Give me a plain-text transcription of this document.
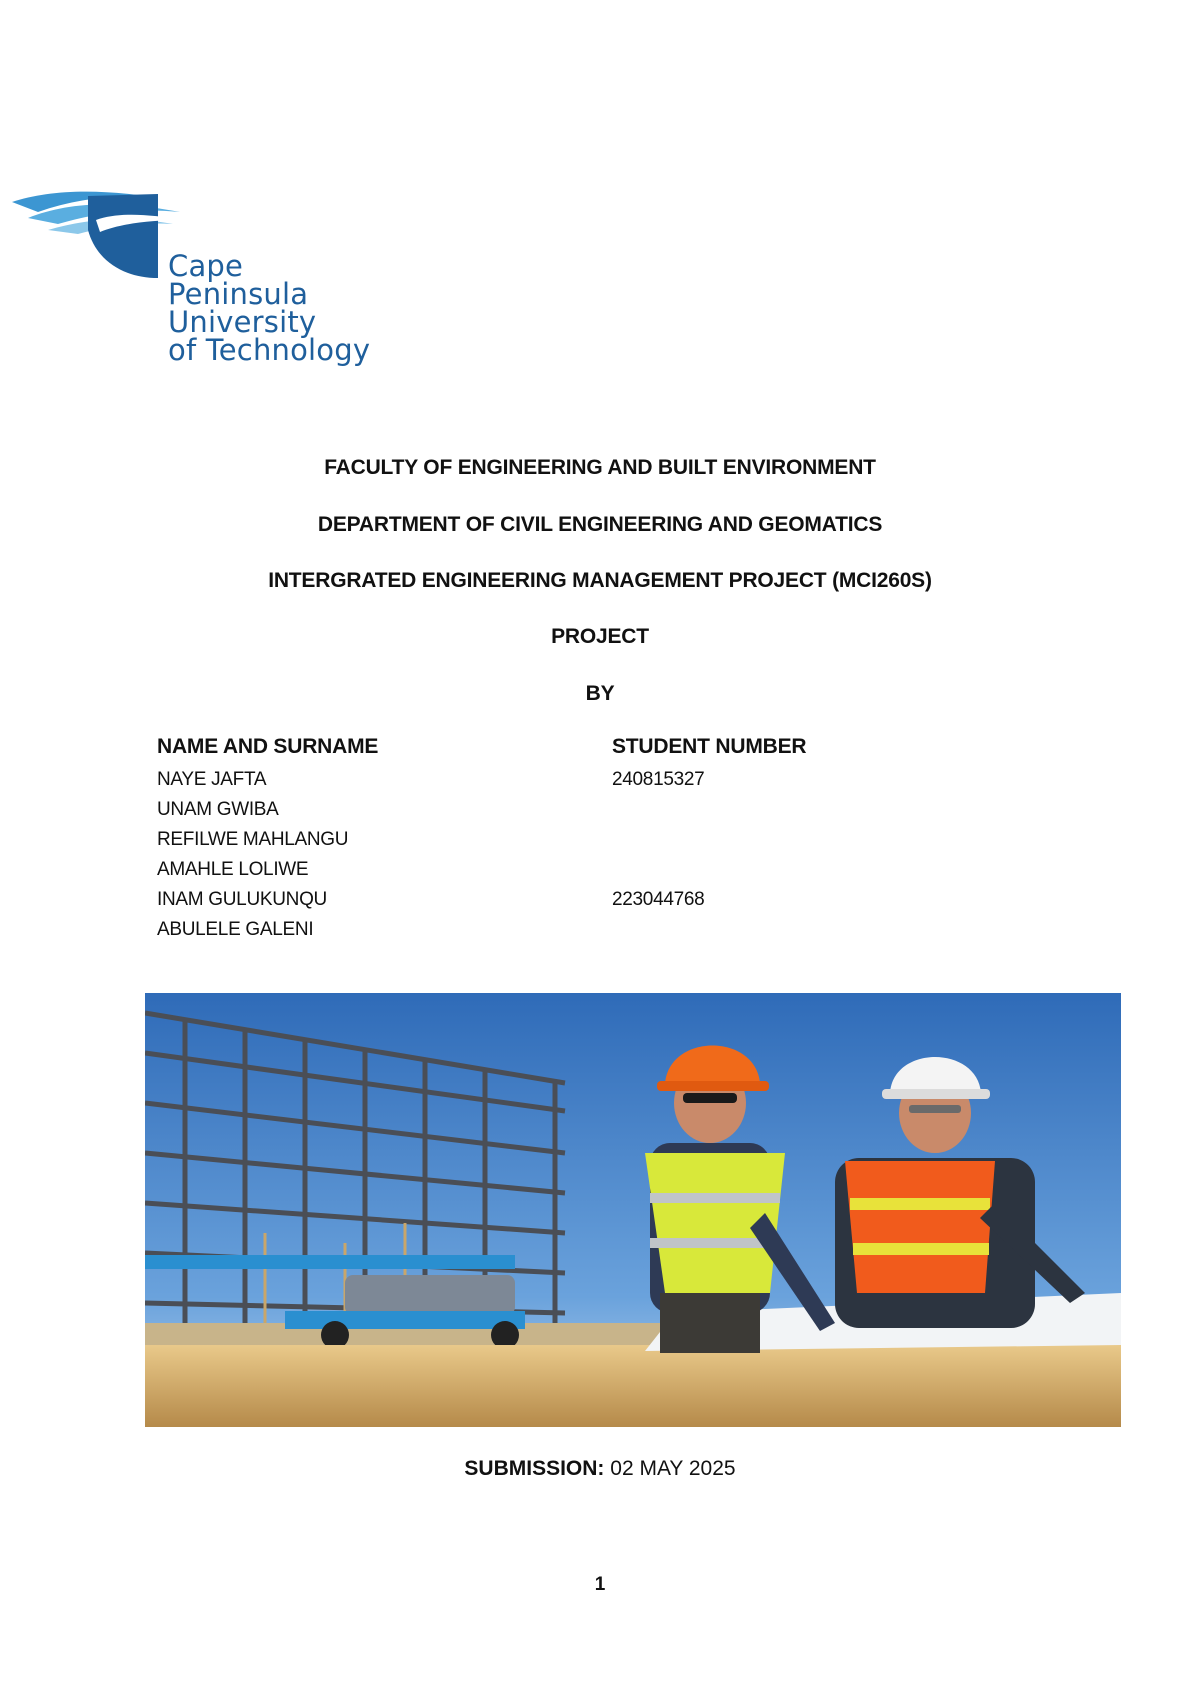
Cape
Peninsula
University
of Technology
FACULTY OF ENGINEERING AND BUILT ENVIRONMENT
DEPARTMENT OF CIVIL ENGINEERING AND GEOMATICS
INTERGRATED ENGINEERING MANAGEMENT PROJECT (MCI260S)
PROJECT
BY
NAME AND SURNAME	STUDENT NUMBER
NAYE JAFTA	240815327
UNAM GWIBA
REFILWE MAHLANGU
AMAHLE LOLIWE
INAM GULUKUNQU	223044768
ABULELE GALENI
SUBMISSION: 02 MAY 2025
1
